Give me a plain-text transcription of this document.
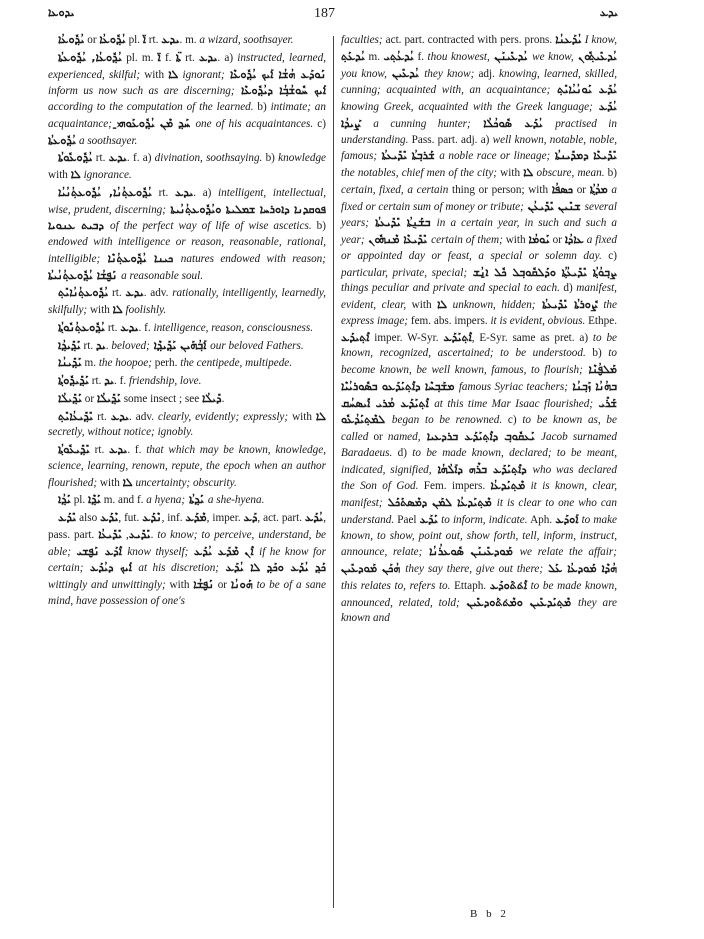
ܝܕܘܥܐ	187	ܝܕܥ
ܝܳܕ݂ܽܘܥܳܐ or ܝܳܕ݂ܽܘܥܳܐ pl. ܐ̈ rt. ܝܕܥ. m. a wizard, soothsayer.
ܝܳܕ݂ܽܘܥܳܐ, ܝܳܕ݂ܽܘܥܬܳܐ pl. m. ܐ̈ f. ܬ̈ܐ rt. ܝܕܥ. a) instructed, learned, experienced, skilful; with ܠܐ ignorant; ܢܰܘܕܰܥ ܗܳܫܳܐ ܐܰܝܟ ܝܳܕ݂ܽܘܥܶܐ inform us now such as are discerning; ܐܰܝܟ ܚܽܘܫܳܒ݂ܳܐ ܕܝܳܕ݂ܽܘܥܶܐ according to the computation of the learned. b) intimate; an acquaintance; ܚܰܕ݂ ܡܶܢ ܝܳܕ݂ܽܘܥܰܘܗ̱ܝ one of his acquaintances. c) ܝܳܕ݂ܽܘܥܬܳܐ a soothsayer.
ܝܳܕ݂ܽܘܥܽܘܬܳܐ rt. ܝܕܥ. f. a) divination, soothsaying. b) knowledge with ܠܐ ignorance.
ܝܳܕ݂ܽܘܥܬ݂ܳܢܳܐ, ܝܳܕ݂ܽܘܥܬ݂ܳܢܳܝܳܐ rt. ܝܕܥ. a) intelligent, intellectual, wise, prudent, discerning; ܦܘܩܕܢܐ ܕܐܘܪܚܐ ܫܡܠܝܬܐ ܘܝܳܕ݂ܽܘܥܬ݂ܳܢܳܝܬܐ ܕܒܝܬ ܥܢܘܝܐ of the perfect way of life of wise ascetics. b) endowed with intelligence or reason, reasonable, rational, intelligible; ܟܝܢܐ ܝܳܕ݂ܽܘܥܬ݂ܳܢܶܐ natures endowed with reason; ܢܰܦ̮ܫܳܐ ܝܳܕ݂ܽܘܥܬ݂ܳܢܳܝܬܳܐ a reasonable soul.
ܝܳܕ݂ܽܘܥܬ݂ܳܢܳܐܝܺܬ݂ rt. ܝܕܥ. adv. rationally, intelligently, learnedly, skilfully; with ܠܐ foolishly.
ܝܳܕ݂ܽܘܥܬ݂ܳܢܽܘܬ݂ܳܐ rt. ܝܕܥ. f. intelligence, reason, consciousness.
ܝܰܕ݂ܺܝܕ݂ܳܐ rt. ܝܕ. beloved; ܐܰܒ݂ܳܗܰܝܢ ܝܰܕ݂ܺܝܕ݂ܶܐ our beloved Fathers.
ܝܰܕ݂ܺܝܢܳܐ m. the hoopoe; perh. the centipede, multipede.
ܝܰܕ݂ܺܝܕ݂ܽܘܬ݂ܳܐ rt. ܝܕ. f. friendship, love.
ܝܰܕ݂ܺܝܠܳܐ or ܝܰܕ݂ܺܝܠܳܐ some insect ; see ܕܺܝܠܳܐ.
ܝܺܕ݂ܺܝܥܳܐܝܺܬ݂ rt. ܝܕܥ. adv. clearly, evidently; expressly; with ܠܐ secretly, without notice; ignobly.
ܝܺܕ݂ܺܝܥܽܘܬ݂ܳܐ rt. ܝܕܥ. f. that which may be known, knowledge, science, learning, renown, repute, the epoch when an author flourished; with ܠܐ uncertainty; obscurity.
ܝܰܕ݂ܳܐ pl. ܝܰܕ݂ܶܐ m. and f. a hyena; ܝܰܕ݂ܬܳܐ a she-hyena.
ܝܺܕܰܥ also ܝܶܕܰܥ, fut. ܢܶܕܰܥ, inf. ܡܶܕܰܥ, imper. ܕܰܥ, act. part. ܝܳܕܰܥ, pass. part.	ܝܺܕܺܝܥ, ܝܺܕܺܝܥܳܐ	. to know; to perceive, understand, be able; ܐܶܕܰܥ ܢܰܦ̮ܫܝ know thyself; ܐܶܢ ܡܶܕܰܥ ܝܳܕܰܥ if he know for certain; ܐܰܝܟ ܕܝܳܕܰܥ at his discretion; ܟܰܕ݂ ܝܳܕܰܥ ܘܟܰܕ݂ ܠܐ ܝܳܕܰܥ wittingly and unwittingly; with ܢܰܦ̮ܫܳܐ or ܗܰܘܢܳܐ to be of a sane mind, have possession of one's
faculties; act. part. contracted with pers. prons. ܝܳܕܰܥܢܳܐ I know, ܝܳܕܥܰܬ݂ m. ܝܳܕܥܳܬ݂ܝ f. thou knowest, ܝܳܕܥܺܝܢܰܢ we know, ܝܳܕܥܺܝܬ݂ܽܘܢ you know, ܝܳܕܥܺܝܢ they know; adj. knowing, learned, skilled, cunning; acquainted with, an acquaintance; ܝܳܕܰܥ ܝܰܘܢܳܝܳܐܝܺܬ݂ knowing Greek, acquainted with the Greek language; ܝܳܕܰܥ ܨܰܝܕܳܐ a cunning hunter; ܝܳܕܰܥ ܣܽܘܟܳܠܳܐ practised in understanding. Pass. part. adj. a) well known, notable, noble, famous; ܫܰܪܒ݂ܬܳܐ ܝܺܕܺܝܥܬܳܐ a noble race or lineage; ܝܺܕܺܝܥܶܐ ܕܡܕܺܝܢܬܳܐ the notables, chief men of the city; with ܠܐ obscure, mean. b) certain, fixed, a certain thing or person; with ܟܣܦܳܐ or ܡܕܳܬ݂ܳܐ a fixed or certain sum of money or tribute; ܫܢܺܝܢ ܝܺܕܺܝܥܳܢ several years; ܒܫܰܢ݈ܬܳܐ ܝܺܕܺܝܥܬܳܐ in a certain year, in such and such a year; ܝܺܕܺܝܥܶܐ ܡܶܢܗܽܘܢ certain of them; with ܝܰܘܡܳܐ or ܥܐܕܳܐ a fixed or appointed day or feast, a special or solemn day. c) particular, private, special; ܨܒ݂ܘܳܬ݂ܳܐ ܝܺܕܺܝܥܳܬ݂ܳܐ ܘܕܰܠܩܽܘܒ݂ܠ ܟܽܠ ܐ̱ܢܳܫ things peculiar and private and special to each. d) manifest, evident, clear, with ܠܐ unknown, hidden; ܨܽܘܪܬܳܐ ܝܺܕܺܝܥܬܳܐ the express image; fem. abs. impers. it is evident, obvious. Ethpe. ܐܶܬ݂ܝܕܰܥ imper. W-Syr. ܐܶܬ݂ܝܰܕܰܥ, E-Syr. same as pret. a) to be known, recognized, ascertained; to be understood. b) to become known, be well known, famous, to flourish; ܡܰܠܦ̮ܳܢܶܐ ܡܫܰܒ݂ܚܶܐ ܕܐܶܬ݂ܝܰܕܰܥܘ ܒܣܽܘܪܝܳܝܶܐ famous Syriac teachers; ܒܗܳܢܳܐ ܙܰܒ݂ܢܳܐ ܐܶܬ݂ܝܰܕܰܥ ܡܳܪܝ ܐܺܝܣܚܳܩ at this time Mar Isaac flourished; ܫܰܪܺܝ ܠܡܶܬ݂ܝܰܕܳܥܽܘ began to be renowned. c) to be known as, be called or named, ܝܰܥܩܽܘܒ݂ ܕܐܶܬ݂ܝܰܕܰܥ ܒܪܕܥܝܐ Jacob surnamed Baradaeus. d) to be made known, declared; to be meant, indicated, signified, ܕܐܶܬ݂ܝܰܕܰܥ ܒܪܶܗ ܕܐܰܠܳܗܳܐ who was declared the Son of God. Fem. impers. ܡܶܬ݂ܝܰܕܥܳܐ it is known, clear, manifest; ܡܶܬ݂ܝܰܕܥܳܐ ܠܡܰܢ ܕܡܶܣܬܰܟܰܠ it is clear to one who can understand. Pael ܝܰܕܰܥ to inform, indicate. Aph. ܐܰܘܕܰܥ to make known, to show, point out, show forth, tell, inform, instruct, announce, relate; ܡܰܘܕܥܺܝܢܰܢ ܣܽܘܥܪܳܢܳܐ we relate the affair; ܗܳܟܰܢ ܡܰܘܕܥܺܝܢ they say there, give out there; ܗܳܕܶܐ ܡܰܘܕܥܳܐ ܥܰܠ this relates to, refers to. Ettaph. ܐܶܬ݁ܬ݁ܰܘܕܰܥ to be made known, announced, related, told; ܡܶܬ݂ܝܰܕܥܺܝܢ ܘܡܶܬ݁ܬ݁ܰܘܕܥܺܝܢ they are known and
B b 2
